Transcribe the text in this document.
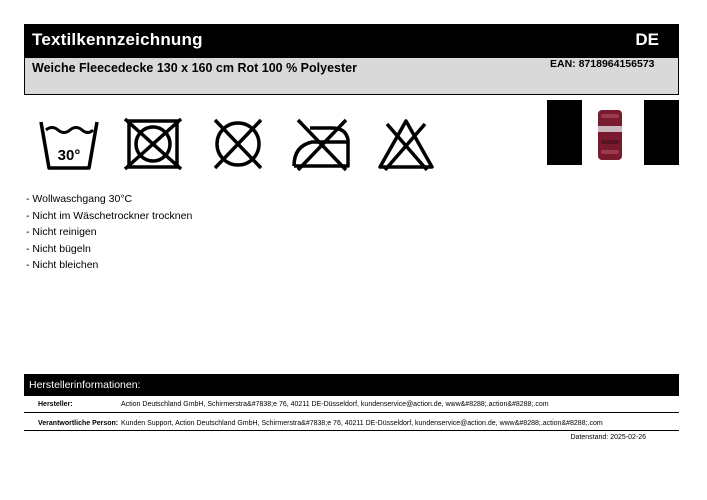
Textilkennzeichnung	DE
Weiche Fleecedecke 130 x 160 cm Rot 100 % Polyester	EAN: 8718964156573
30°
- Wollwaschgang 30°C
- Nicht im Wäschetrockner trocknen
- Nicht reinigen
- Nicht bügeln
- Nicht bleichen
Herstellerinformationen:
Hersteller:	Action Deutschland GmbH, Schirmerstra&#7838;e 76, 40211 DE-Düsseldorf, kundenservice@action.de, www&#8288;.action&#8288;.com
Verantwortliche Person: Kunden Support, Action Deutschland GmbH, Schirmerstra&#7838;e 76, 40211 DE-Düsseldorf, kundenservice@action.de, www&#8288;.action&#8288;.com
Datenstand: 2025-02-26
